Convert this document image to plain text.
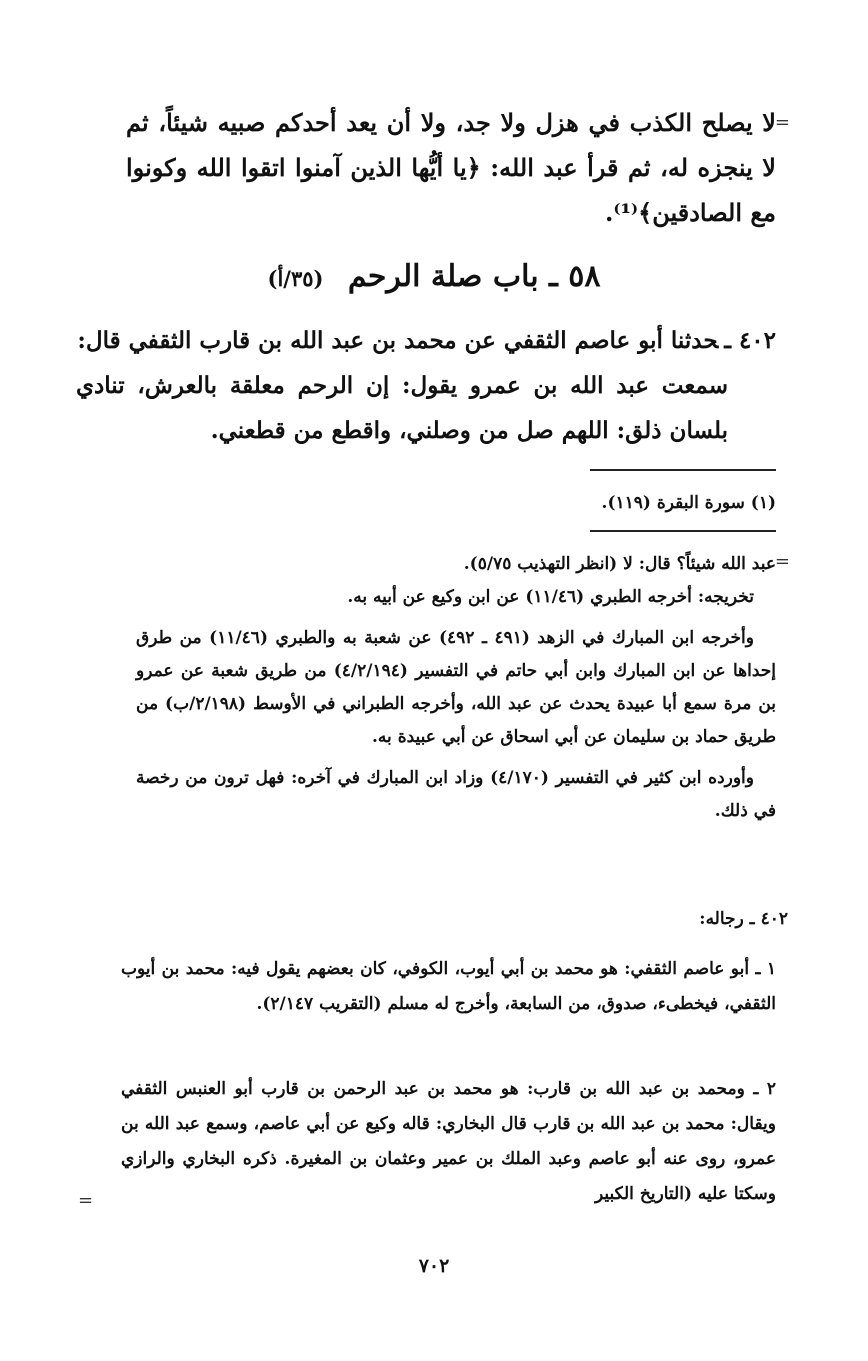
=

لا يصلح الكذب في هزل ولا جد، ولا أن يعد أحدكم صبيه شيئاً، ثم لا ينجزه له، ثم قرأ عبد الله: ﴿يا أيُّها الذين آمنوا اتقوا الله وكونوا مع الصادقين﴾⁽¹⁾.

٥٨ ـ باب صلة الرحم (٣٥/أ)
٤٠٢ ـحدثنا أبو عاصم الثقفي عن محمد بن عبد الله بن قارب الثقفي قال:
سمعت عبد الله بن عمرو يقول: إن الرحم معلقة بالعرش، تنادي بلسان ذلق: اللهم صل من وصلني، واقطع من قطعني.

(١) سورة البقرة (١١٩).

=

عبد الله شيئاً؟ قال: لا (انظر التهذيب ٥/٧٥).

تخريجه: أخرجه الطبري (١١/٤٦) عن ابن وكيع عن أبيه به.

وأخرجه ابن المبارك في الزهد (٤٩١ ـ ٤٩٢) عن شعبة به والطبري (١١/٤٦) من طرق إحداها عن ابن المبارك وابن أبي حاتم في التفسير (٤/٢/١٩٤) من طريق شعبة عن عمرو بن مرة سمع أبا عبيدة يحدث عن عبد الله، وأخرجه الطبراني في الأوسط (٢/١٩٨/ب) من طريق حماد بن سليمان عن أبي اسحاق عن أبي عبيدة به.

وأورده ابن كثير في التفسير (٤/١٧٠) وزاد ابن المبارك في آخره: فهل ترون من رخصة في ذلك.

٤٠٢ ـ رجاله:

١ ـ أبو عاصم الثقفي: هو محمد بن أبي أيوب، الكوفي، كان بعضهم يقول فيه: محمد بن أيوب الثقفي، فيخطىء، صدوق، من السابعة، وأخرج له مسلم (التقريب ٢/١٤٧).

٢ ـ ومحمد بن عبد الله بن قارب: هو محمد بن عبد الرحمن بن قارب أبو العنبس الثقفي ويقال: محمد بن عبد الله بن قارب قال البخاري: قاله وكيع عن أبي عاصم، وسمع عبد الله بن عمرو، روى عنه أبو عاصم وعبد الملك بن عمير وعثمان بن المغيرة. ذكره البخاري والرازي وسكتا عليه (التاريخ الكبير

=
٧٠٢
